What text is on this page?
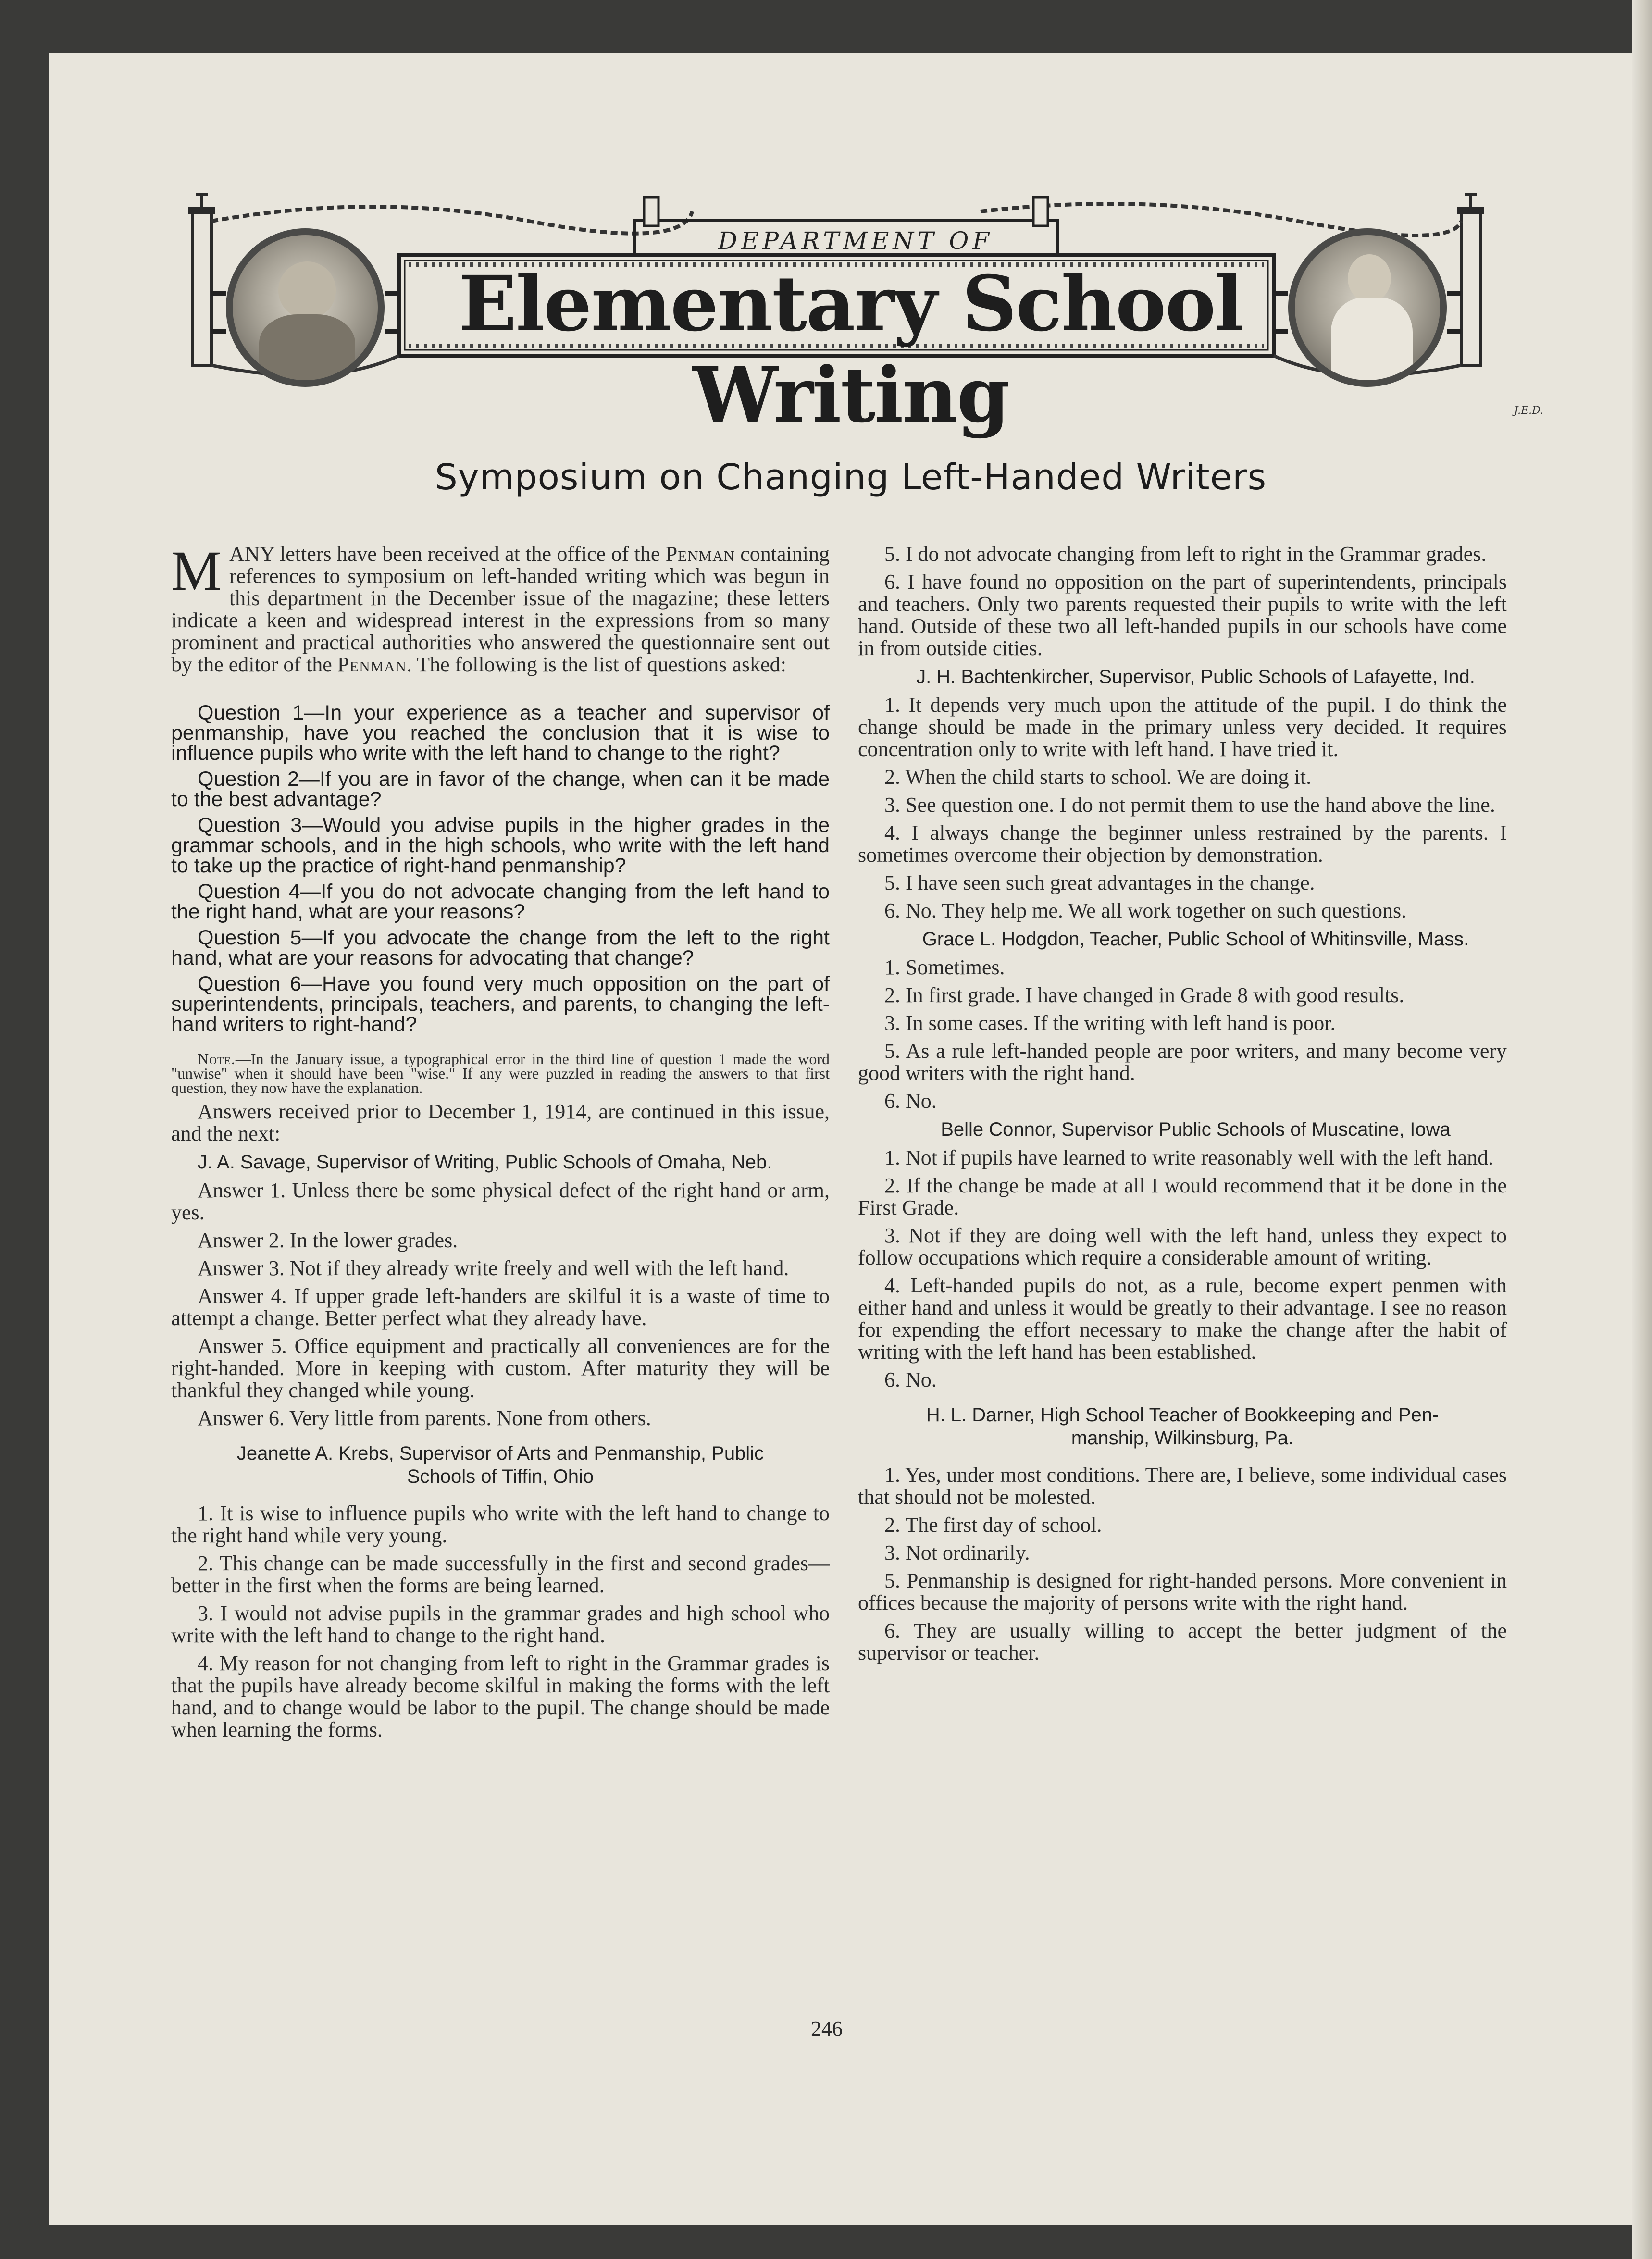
DEPARTMENT OF
Elementary School Writing	J.E.D.
Symposium on Changing Left-Handed Writers

MANY letters have been received at the office of the Penman containing references to symposium on left-handed writing which was begun in this department in the December issue of the magazine; these letters indicate a keen and widespread interest in the expressions from so many prominent and practical authorities who answered the questionnaire sent out by the editor of the Penman. The following is the list of questions asked:

Question 1—In your experience as a teacher and supervisor of penmanship, have you reached the conclusion that it is wise to influence pupils who write with the left hand to change to the right?

Question 2—If you are in favor of the change, when can it be made to the best advantage?

Question 3—Would you advise pupils in the higher grades in the grammar schools, and in the high schools, who write with the left hand to take up the practice of right-hand penmanship?

Question 4—If you do not advocate changing from the left hand to the right hand, what are your reasons?

Question 5—If you advocate the change from the left to the right hand, what are your reasons for advocating that change?

Question 6—Have you found very much opposition on the part of superintendents, principals, teachers, and parents, to changing the left-hand writers to right-hand?

Note.—In the January issue, a typographical error in the third line of question 1 made the word "unwise" when it should have been "wise." If any were puzzled in reading the answers to that first question, they now have the explanation.

Answers received prior to December 1, 1914, are continued in this issue, and the next:

J. A. Savage, Supervisor of Writing, Public Schools of Omaha, Neb.

Answer 1. Unless there be some physical defect of the right hand or arm, yes.

Answer 2. In the lower grades.

Answer 3. Not if they already write freely and well with the left hand.

Answer 4. If upper grade left-handers are skilful it is a waste of time to attempt a change. Better perfect what they already have.

Answer 5. Office equipment and practically all conveniences are for the right-handed. More in keeping with custom. After maturity they will be thankful they changed while young.

Answer 6. Very little from parents. None from others.

Jeanette A. Krebs, Supervisor of Arts and Penmanship, Public
Schools of Tiffin, Ohio

1. It is wise to influence pupils who write with the left hand to change to the right hand while very young.

2. This change can be made successfully in the first and second grades—better in the first when the forms are being learned.

3. I would not advise pupils in the grammar grades and high school who write with the left hand to change to the right hand.

4. My reason for not changing from left to right in the Grammar grades is that the pupils have already become skilful in making the forms with the left hand, and to change would be labor to the pupil. The change should be made when learning the forms.

5. I do not advocate changing from left to right in the Grammar grades.

6. I have found no opposition on the part of superintendents, principals and teachers. Only two parents requested their pupils to write with the left hand. Outside of these two all left-handed pupils in our schools have come in from outside cities.

J. H. Bachtenkircher, Supervisor, Public Schools of Lafayette, Ind.

1. It depends very much upon the attitude of the pupil. I do think the change should be made in the primary unless very decided. It requires concentration only to write with left hand. I have tried it.

2. When the child starts to school. We are doing it.

3. See question one. I do not permit them to use the hand above the line.

4. I always change the beginner unless restrained by the parents. I sometimes overcome their objection by demonstration.

5. I have seen such great advantages in the change.

6. No. They help me. We all work together on such questions.

Grace L. Hodgdon, Teacher, Public School of Whitinsville, Mass.

1. Sometimes.

2. In first grade. I have changed in Grade 8 with good results.

3. In some cases. If the writing with left hand is poor.

5. As a rule left-handed people are poor writers, and many become very good writers with the right hand.

6. No.

Belle Connor, Supervisor Public Schools of Muscatine, Iowa

1. Not if pupils have learned to write reasonably well with the left hand.

2. If the change be made at all I would recommend that it be done in the First Grade.

3. Not if they are doing well with the left hand, unless they expect to follow occupations which require a considerable amount of writing.

4. Left-handed pupils do not, as a rule, become expert penmen with either hand and unless it would be greatly to their advantage. I see no reason for expending the effort necessary to make the change after the habit of writing with the left hand has been established.

6. No.

H. L. Darner, High School Teacher of Bookkeeping and Pen-
manship, Wilkinsburg, Pa.

1. Yes, under most conditions. There are, I believe, some individual cases that should not be molested.

2. The first day of school.

3. Not ordinarily.

5. Penmanship is designed for right-handed persons. More convenient in offices because the majority of persons write with the right hand.

6. They are usually willing to accept the better judgment of the supervisor or teacher.

246
